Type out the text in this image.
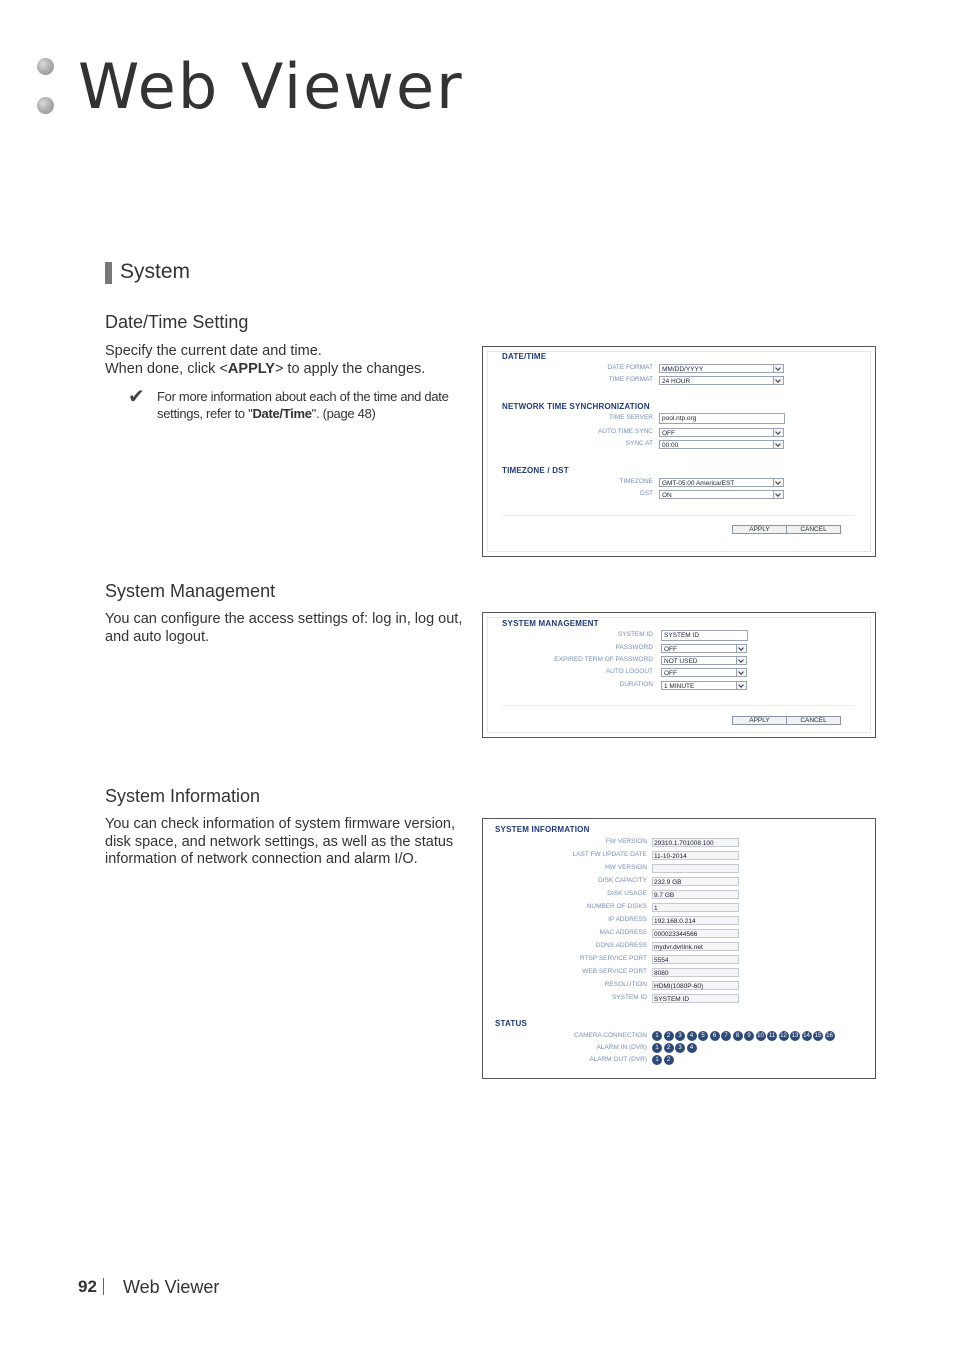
Web Viewer
System
Date/Time Setting
Specify the current date and time.
When done, click <APPLY> to apply the changes.
✔ For more information about each of the time and date settings, refer to "Date/Time". (page 48)
DATE/TIME
DATE FORMAT	MM/DD/YYYY
TIME FORMAT	24 HOUR
NETWORK TIME SYNCHRONIZATION
TIME SERVER	pool.ntp.org
AUTO TIME SYNC	OFF
SYNC AT	00:00
TIMEZONE / DST
TIMEZONE	GMT-05:00 America/EST
DST	ON
APPLY	CANCEL
System Management
You can configure the access settings of: log in, log out,
and auto logout.
SYSTEM MANAGEMENT
SYSTEM ID	SYSTEM ID
PASSWORD	OFF
EXPIRED TERM OF PASSWORD	NOT USED
AUTO LOGOUT	OFF
DURATION	1 MINUTE
APPLY	CANCEL
System Information
You can check information of system firmware version,
disk space, and network settings, as well as the status
information of network connection and alarm I/O.
SYSTEM INFORMATION
FW VERSION	29310.1.701008.100
LAST FW UPDATE DATE	11-10-2014
HW VERSION
DISK CAPACITY	232.9 GB
DISK USAGE	9.7 GB
NUMBER OF DISKS	1
IP ADDRESS	192.168.0.214
MAC ADDRESS	000023344566
DDNS ADDRESS	mydvr.dvrlink.net
RTSP SERVICE PORT	5554
WEB SERVICE PORT	8080
RESOLUTION	HDMI(1080P-60)
SYSTEM ID	SYSTEM ID
STATUS
CAMERA CONNECTION	1	2	3	4	5	6	7	8	9	10 11 12 13 14 15 16
ALARM IN (DVR)	1	2	3	4
ALARM OUT (DVR)	1	2
92 Web Viewer
